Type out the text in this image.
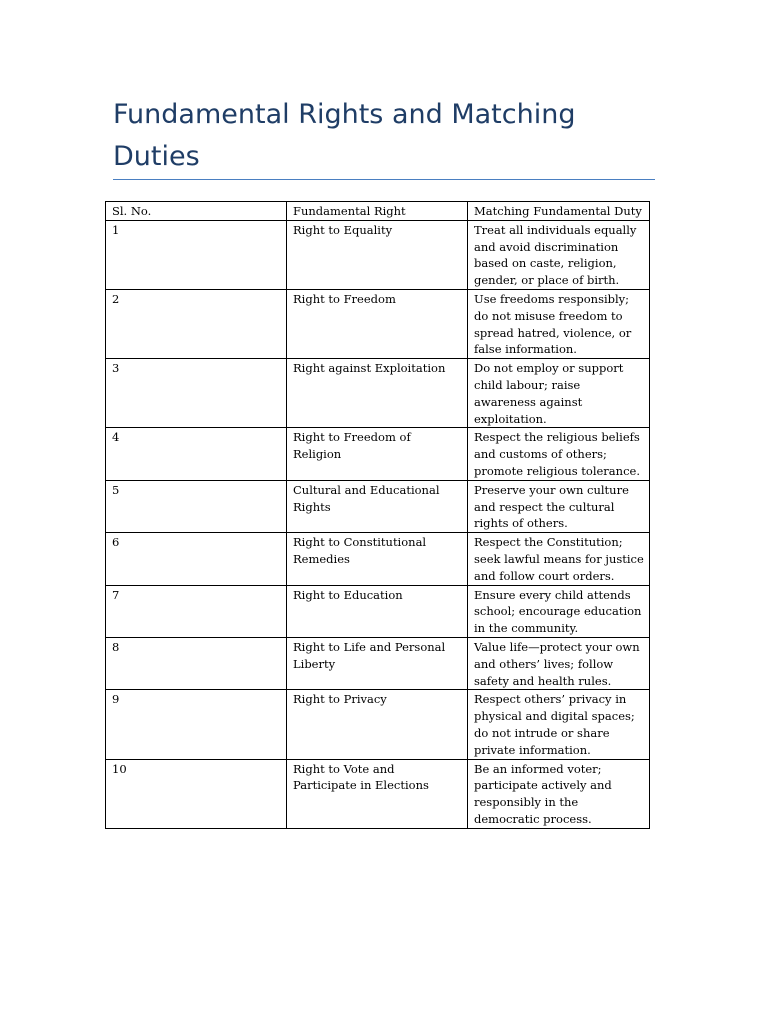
Fundamental Rights and Matching Duties
Sl. No.	Fundamental Right	Matching Fundamental Duty
1	Right to Equality	Treat all individuals equally and avoid discrimination based on caste, religion, gender, or place of birth.
2	Right to Freedom	Use freedoms responsibly; do not misuse freedom to spread hatred, violence, or false information.
3	Right against Exploitation	Do not employ or support child labour; raise awareness against exploitation.
4	Right to Freedom of Religion	Respect the religious beliefs and customs of others; promote religious tolerance.
5	Cultural and Educational Rights	Preserve your own culture and respect the cultural rights of others.
6	Right to Constitutional Remedies	Respect the Constitution; seek lawful means for justice and follow court orders.
7	Right to Education	Ensure every child attends school; encourage education in the community.
8	Right to Life and Personal Liberty	Value life—protect your own and others’ lives; follow safety and health rules.
9	Right to Privacy	Respect others’ privacy in physical and digital spaces; do not intrude or share private information.
10	Right to Vote and Participate in Elections	Be an informed voter; participate actively and responsibly in the democratic process.
